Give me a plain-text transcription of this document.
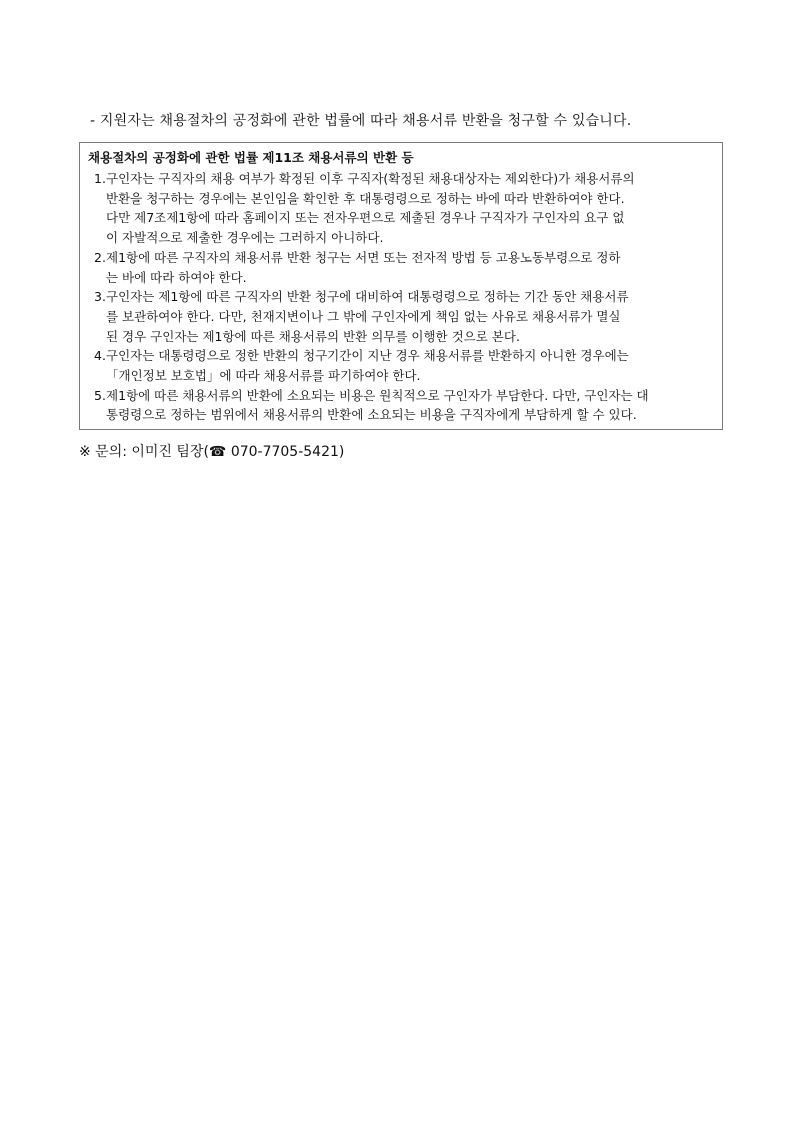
- 지원자는 채용절차의 공정화에 관한 법률에 따라 채용서류 반환을 청구할 수 있습니다.
채용절차의 공정화에 관한 법률 제11조 채용서류의 반환 등
1. 구인자는 구직자의 채용 여부가 확정된 이후 구직자(확정된 채용대상자는 제외한다)가 채용서류의
반환을 청구하는 경우에는 본인임을 확인한 후 대통령령으로 정하는 바에 따라 반환하여야 한다.
다만 제7조제1항에 따라 홈페이지 또는 전자우편으로 제출된 경우나 구직자가 구인자의 요구 없
이 자발적으로 제출한 경우에는 그러하지 아니하다.
2. 제1항에 따른 구직자의 채용서류 반환 청구는 서면 또는 전자적 방법 등 고용노동부령으로 정하
는 바에 따라 하여야 한다.
3. 구인자는 제1항에 따른 구직자의 반환 청구에 대비하여 대통령령으로 정하는 기간 동안 채용서류
를 보관하여야 한다. 다만, 천재지변이나 그 밖에 구인자에게 책임 없는 사유로 채용서류가 멸실
된 경우 구인자는 제1항에 따른 채용서류의 반환 의무를 이행한 것으로 본다.
4. 구인자는 대통령령으로 정한 반환의 청구기간이 지난 경우 채용서류를 반환하지 아니한 경우에는
「개인정보 보호법」에 따라 채용서류를 파기하여야 한다.
5. 제1항에 따른 채용서류의 반환에 소요되는 비용은 원칙적으로 구인자가 부담한다. 다만, 구인자는 대
통령령으로 정하는 범위에서 채용서류의 반환에 소요되는 비용을 구직자에게 부담하게 할 수 있다.
※ 문의: 이미진 팀장(☎ 070-7705-5421)
